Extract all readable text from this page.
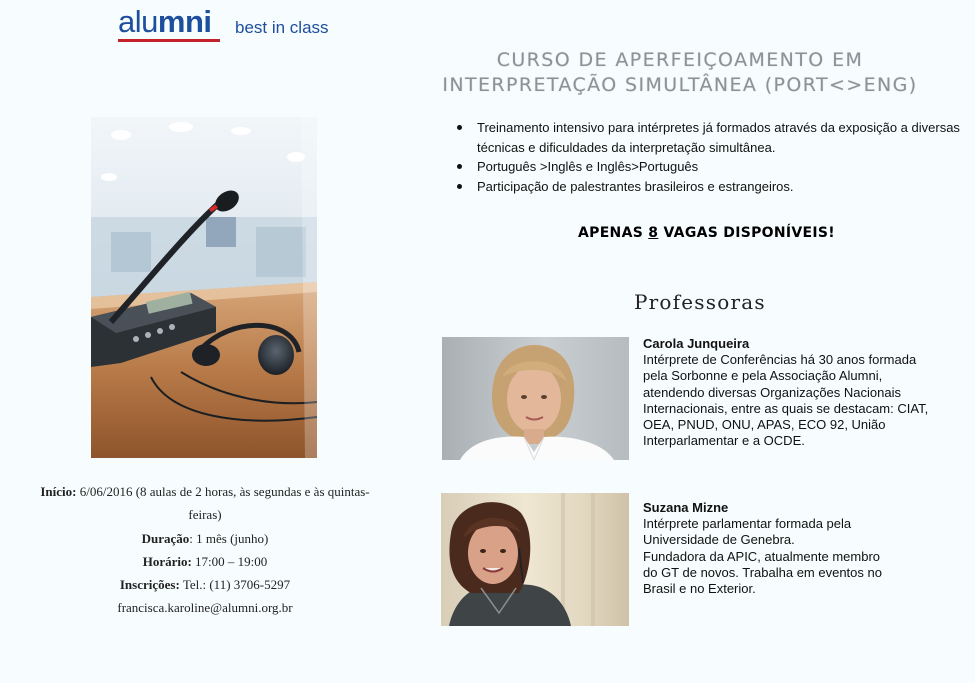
alumni best in class
CURSO DE APERFEIÇOAMENTO EM
INTERPRETAÇÃO SIMULTÂNEA (PORT<>ENG)
Treinamento intensivo para intérpretes já formados através da exposição a diversas técnicas e dificuldades da interpretação simultânea.
Português >Inglês e Inglês>Português
Participação de palestrantes brasileiros e estrangeiros.
APENAS 8 VAGAS DISPONÍVEIS!
Professoras
Carola Junqueira
Intérprete de Conferências há 30 anos formada pela Sorbonne e pela Associação Alumni, atendendo diversas Organizações Nacionais Internacionais, entre as quais se destacam: CIAT, OEA, PNUD, ONU, APAS, ECO 92, União Interparlamentar e a OCDE.
Suzana Mizne
Intérprete parlamentar formada pela
Universidade de Genebra.
Fundadora da APIC, atualmente membro
do GT de novos. Trabalha em eventos no
Brasil e no Exterior.
Início: 6/06/2016 (8 aulas de 2 horas, às segundas e às quintas-
feiras)
Duração: 1 mês (junho)
Horário: 17:00 – 19:00
Inscrições: Tel.: (11) 3706-5297
francisca.karoline@alumni.org.br
